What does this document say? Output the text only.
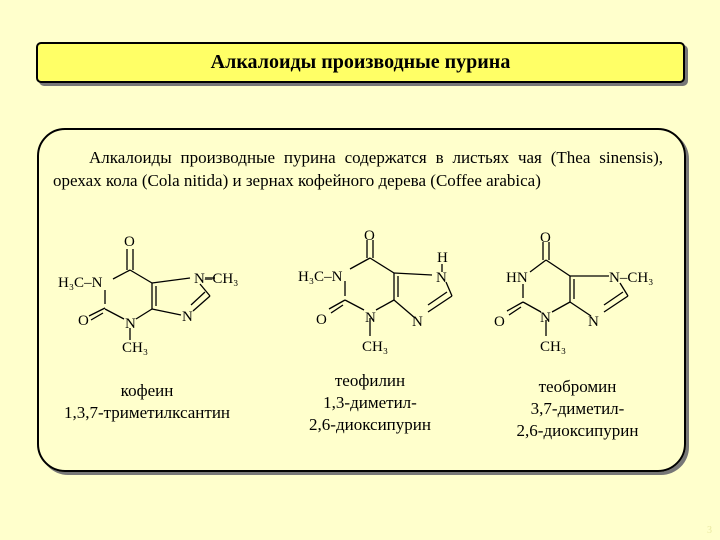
Алкалоиды производные пурина

Алкалоиды производные пурина содержатся в листьях чая (Thea sinensis), орехах кола (Cola nitida) и зернах кофейного дерева (Coffee arabica)

O
H₃C–N	N–CH₃
O N	N
CH₃
O
H₃C–N
H
N
O	N N
CH₃
O
HN	N–CH₃
O N N
CH₃
кофеин
1,3,7-триметилксантин
теофилин
1,3-диметил-
2,6-диоксипурин
теобромин
3,7-диметил-
2,6-диоксипурин
3
